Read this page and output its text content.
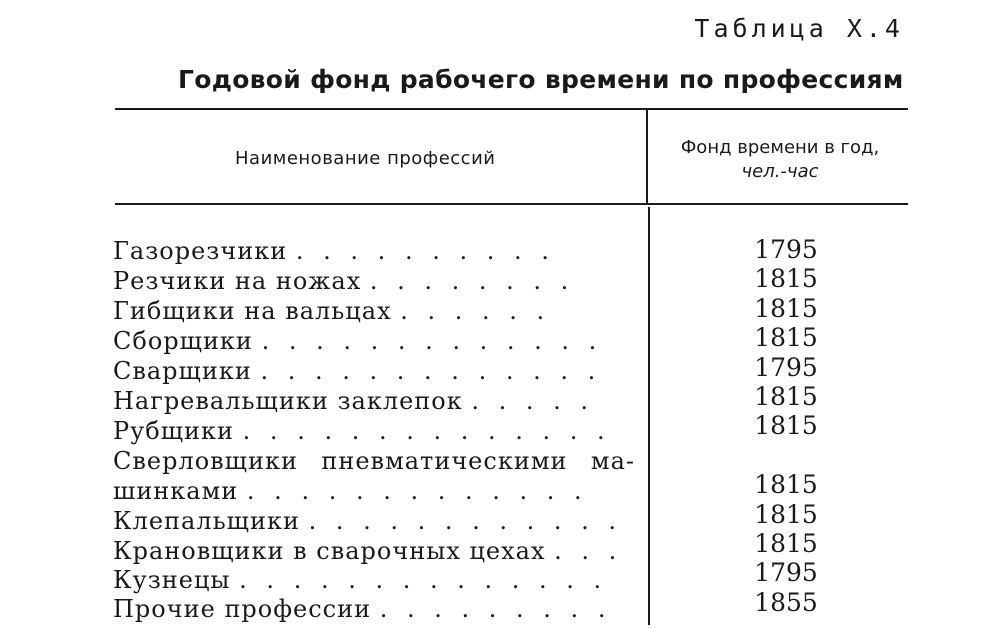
Таблица X.4
Годовой фонд рабочего времени по профессиям
Наименование профессий
Фонд времени в год,
чел.-час
Газорезчики . . . . . . . . . .	1795
Резчики на ножах . . . . . . . .	1815
Гибщики на вальцах . . . . . .	1815
Сборщики . . . . . . . . . . . . .	1815
Сварщики . . . . . . . . . . . . .	1795
Нагревальщики заклепок . . . . .	1815
Рубщики . . . . . . . . . . . . . .	1815
Сверловщики пневматическими ма-
шинками . . . . . . . . . . . . .	1815
Клепальщики . . . . . . . . . . . .	1815
Крановщики в сварочных цехах . . .	1815
Кузнецы . . . . . . . . . . . . . .	1795
Прочие профессии . . . . . . . . .	1855
